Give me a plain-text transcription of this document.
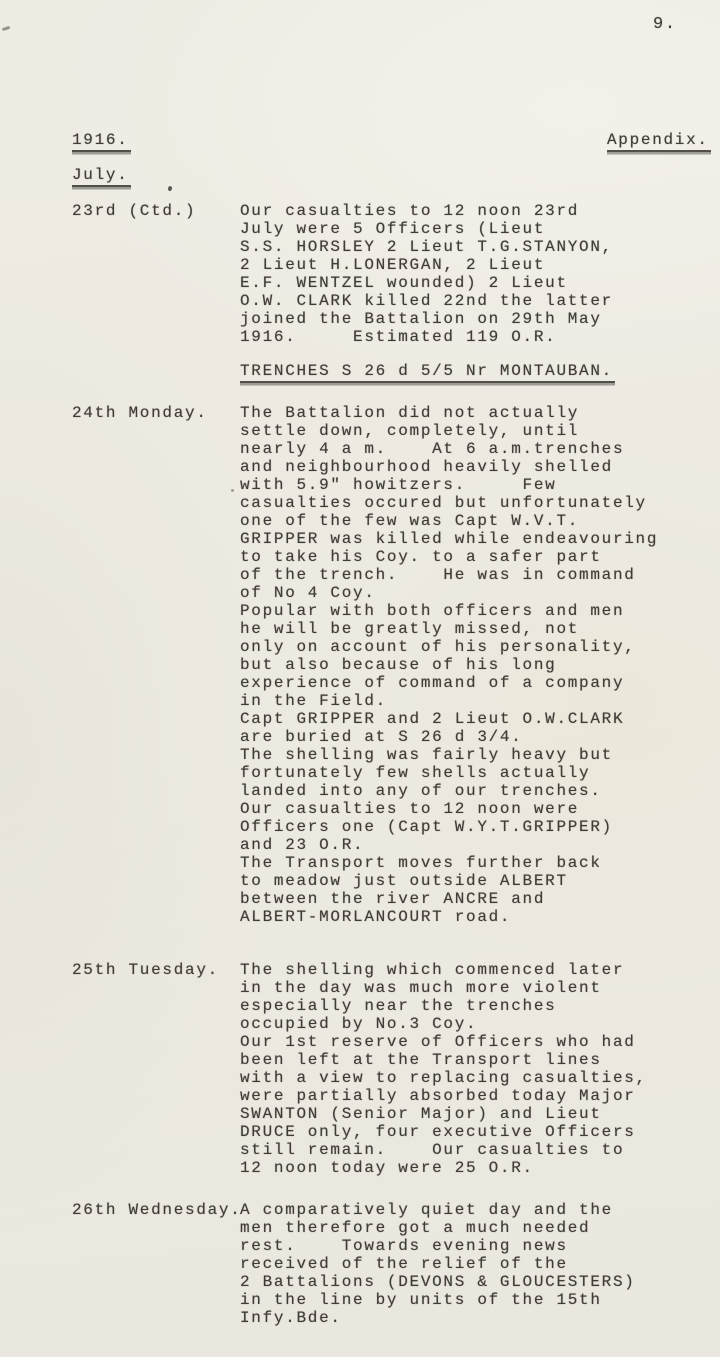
9.
1916.	Appendix.
July.
TRENCHES S 26 d 5/5 Nr MONTAUBAN.
23rd (Ctd.)	Our casualties to 12 noon 23rd
July were 5 Officers (Lieut
S.S. HORSLEY 2 Lieut T.G.STANYON,
2 Lieut H.LONERGAN, 2 Lieut
E.F. WENTZEL wounded) 2 Lieut
O.W. CLARK killed 22nd the latter
joined the Battalion on 29th May
1916.     Estimated 119 O.R.
24th Monday. The Battalion did not actually
settle down, completely, until
nearly 4 a m.    At 6 a.m.trenches
and neighbourhood heavily shelled
with 5.9" howitzers.     Few
casualties occured but unfortunately
one of the few was Capt W.V.T.
GRIPPER was killed while endeavouring
to take his Coy. to a safer part
of the trench.    He was in command
of No 4 Coy.
Popular with both officers and men
he will be greatly missed, not
only on account of his personality,
but also because of his long
experience of command of a company
in the Field.
Capt GRIPPER and 2 Lieut O.W.CLARK
are buried at S 26 d 3/4.
The shelling was fairly heavy but
fortunately few shells actually
landed into any of our trenches.
Our casualties to 12 noon were
Officers one (Capt W.Y.T.GRIPPER)
and 23 O.R.
The Transport moves further back
to meadow just outside ALBERT
between the river ANCRE and
ALBERT-MORLANCOURT road.
25th Tuesday. The shelling which commenced later
in the day was much more violent
especially near the trenches
occupied by No.3 Coy.
Our 1st reserve of Officers who had
been left at the Transport lines
with a view to replacing casualties,
were partially absorbed today Major
SWANTON (Senior Major) and Lieut
DRUCE only, four executive Officers
still remain.    Our casualties to
12 noon today were 25 O.R.
26th Wednesday.
A comparatively quiet day and the
men therefore got a much needed
rest.    Towards evening news
received of the relief of the
2 Battalions (DEVONS & GLOUCESTERS)
in the line by units of the 15th
Infy.Bde.
